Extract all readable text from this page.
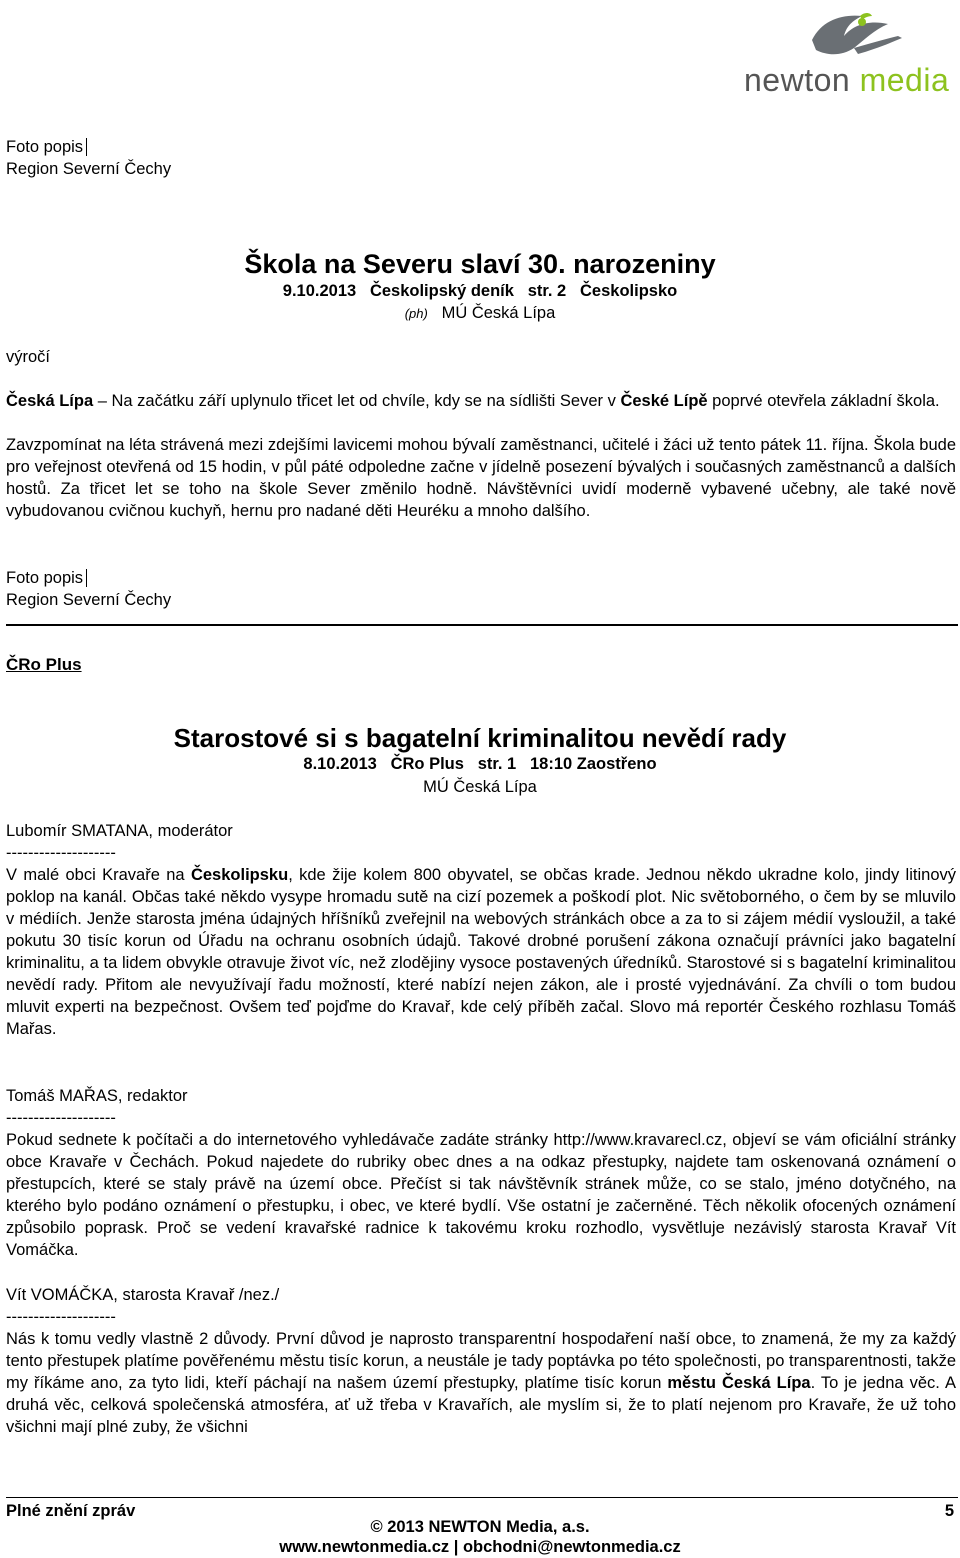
newton media
Foto popis
Region Severní Čechy
Škola na Severu slaví 30. narozeniny
9.10.2013 Českolipský deník str. 2 Českolipsko
(ph) MÚ Česká Lípa
výročí
Česká Lípa – Na začátku září uplynulo třicet let od chvíle, kdy se na sídlišti Sever v České Lípě poprvé otevřela základní škola.
Zavzpomínat na léta strávená mezi zdejšími lavicemi mohou bývalí zaměstnanci, učitelé i žáci už tento pátek 11. října. Škola bude pro veřejnost otevřená od 15 hodin, v půl páté odpoledne začne v jídelně posezení bývalých i současných zaměstnanců a dalších hostů. Za třicet let se toho na škole Sever změnilo hodně. Návštěvníci uvidí moderně vybavené učebny, ale také nově vybudovanou cvičnou kuchyň, hernu pro nadané děti Heuréku a mnoho dalšího.
Foto popis
Region Severní Čechy
ČRo Plus
Starostové si s bagatelní kriminalitou nevědí rady
8.10.2013 ČRo Plus str. 1 18:10 Zaostřeno
MÚ Česká Lípa
Lubomír SMATANA, moderátor
--------------------
V malé obci Kravaře na Českolipsku, kde žije kolem 800 obyvatel, se občas krade. Jednou někdo ukradne kolo, jindy litinový poklop na kanál. Občas také někdo vysype hromadu sutě na cizí pozemek a poškodí plot. Nic světoborného, o čem by se mluvilo v médiích. Jenže starosta jména údajných hříšníků zveřejnil na webových stránkách obce a za to si zájem médií vysloužil, a také pokutu 30 tisíc korun od Úřadu na ochranu osobních údajů. Takové drobné porušení zákona označují právníci jako bagatelní kriminalitu, a ta lidem obvykle otravuje život víc, než zlodějiny vysoce postavených úředníků. Starostové si s bagatelní kriminalitou nevědí rady. Přitom ale nevyužívají řadu možností, které nabízí nejen zákon, ale i prosté vyjednávání. Za chvíli o tom budou mluvit experti na bezpečnost. Ovšem teď pojďme do Kravař, kde celý příběh začal. Slovo má reportér Českého rozhlasu Tomáš Mařas.
Tomáš MAŘAS, redaktor
--------------------
Pokud sednete k počítači a do internetového vyhledávače zadáte stránky http://www.kravarecl.cz, objeví se vám oficiální stránky obce Kravaře v Čechách. Pokud najedete do rubriky obec dnes a na odkaz přestupky, najdete tam oskenovaná oznámení o přestupcích, které se staly právě na území obce. Přečíst si tak návštěvník stránek může, co se stalo, jméno dotyčného, na kterého bylo podáno oznámení o přestupku, i obec, ve které bydlí. Vše ostatní je začerněné. Těch několik ofocených oznámení způsobilo poprask. Proč se vedení kravařské radnice k takovému kroku rozhodlo, vysvětluje nezávislý starosta Kravař Vít Vomáčka.
Vít VOMÁČKA, starosta Kravař /nez./
--------------------
Nás k tomu vedly vlastně 2 důvody. První důvod je naprosto transparentní hospodaření naší obce, to znamená, že my za každý tento přestupek platíme pověřenému městu tisíc korun, a neustále je tady poptávka po této společnosti, po transparentnosti, takže my říkáme ano, za tyto lidi, kteří páchají na našem území přestupky, platíme tisíc korun městu Česká Lípa. To je jedna věc. A druhá věc, celková společenská atmosféra, ať už třeba v Kravařích, ale myslím si, že to platí nejenom pro Kravaře, že už toho všichni mají plné zuby, že všichni
Plné znění zpráv	5
© 2013 NEWTON Media, a.s.
www.newtonmedia.cz | obchodni@newtonmedia.cz
